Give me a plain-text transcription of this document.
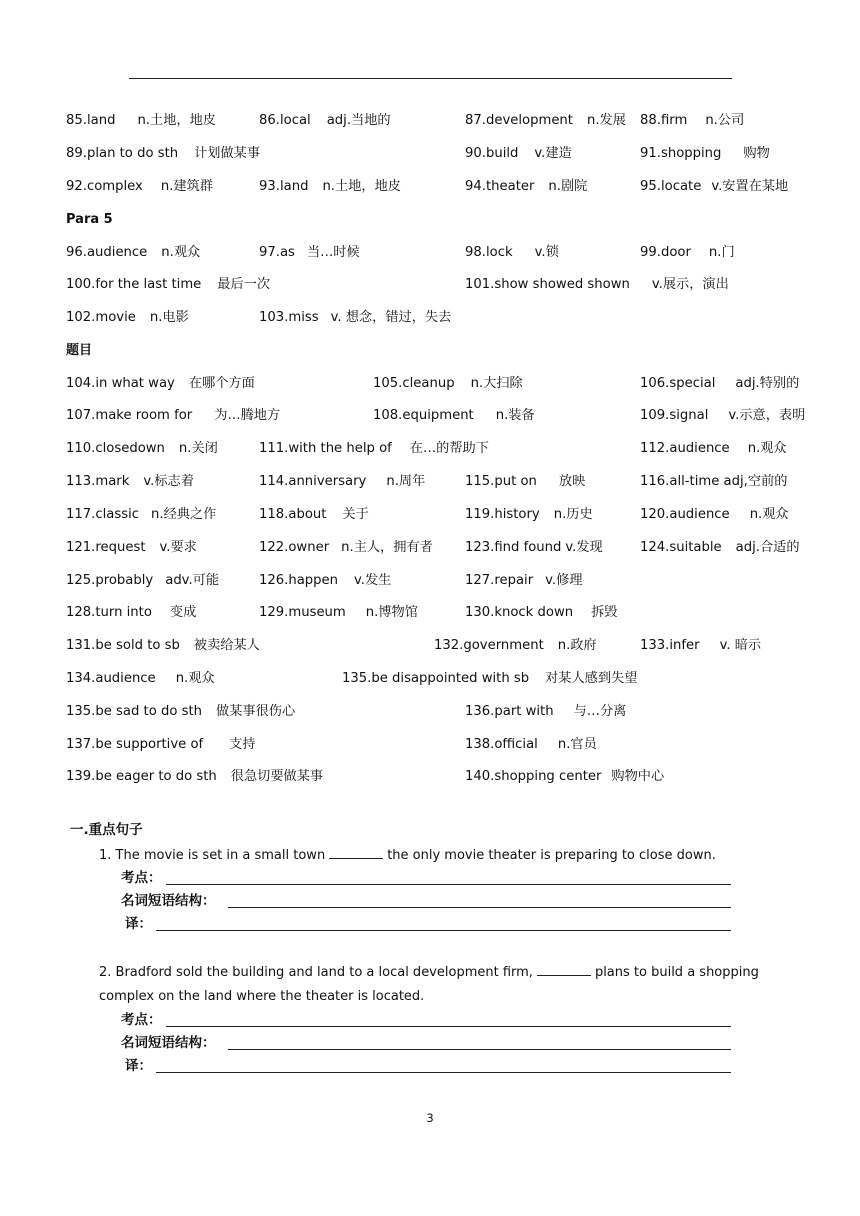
85.land n.土地，地皮	86.local adj.当地的	87.development n.发展 88.firm n.公司
89.plan to do sth 计划做某事	90.build v.建造	91.shopping 购物
92.complex n.建筑群	93.land n.土地，地皮	94.theater n.剧院	95.locate v.安置在某地
Para 5
96.audience n.观众	97.as 当…时候	98.lock v.锁	99.door n.门
100.for the last time 最后一次	101.show showed shown v.展示，演出
102.movie n.电影	103.miss v. 想念，错过，失去
题目
104.in what way 在哪个方面	105.cleanup n.大扫除	106.special adj.特别的
107.make room for 为…腾地方	108.equipment n.装备	109.signal v.示意，表明
110.closedown n.关闭	111.with the help of 在…的帮助下	112.audience n.观众
113.mark v.标志着	114.anniversary n.周年	115.put on 放映	116.all-time adj,空前的
117.classic n.经典之作	118.about 关于	119.history n.历史	120.audience n.观众
121.request v.要求	122.owner n.主人，拥有者 123.find found v.发现	124.suitable adj.合适的
125.probably adv.可能	126.happen v.发生	127.repair v.修理
128.turn into 变成	129.museum n.博物馆	130.knock down 拆毁
131.be sold to sb 被卖给某人	132.government n.政府	133.infer v. 暗示
134.audience n.观众	135.be disappointed with sb 对某人感到失望
135.be sad to do sth 做某事很伤心	136.part with 与…分离
137.be supportive of 支持	138.official n.官员
139.be eager to do sth 很急切要做某事	140.shopping center 购物中心
一.重点句子
1. The movie is set in a small town	the only movie theater is preparing to close down.
考点：
名词短语结构：
译：
2. Bradford sold the building and land to a local development firm,	plans to build a shopping
complex on the land where the theater is located.
考点：
名词短语结构：
译：
3
